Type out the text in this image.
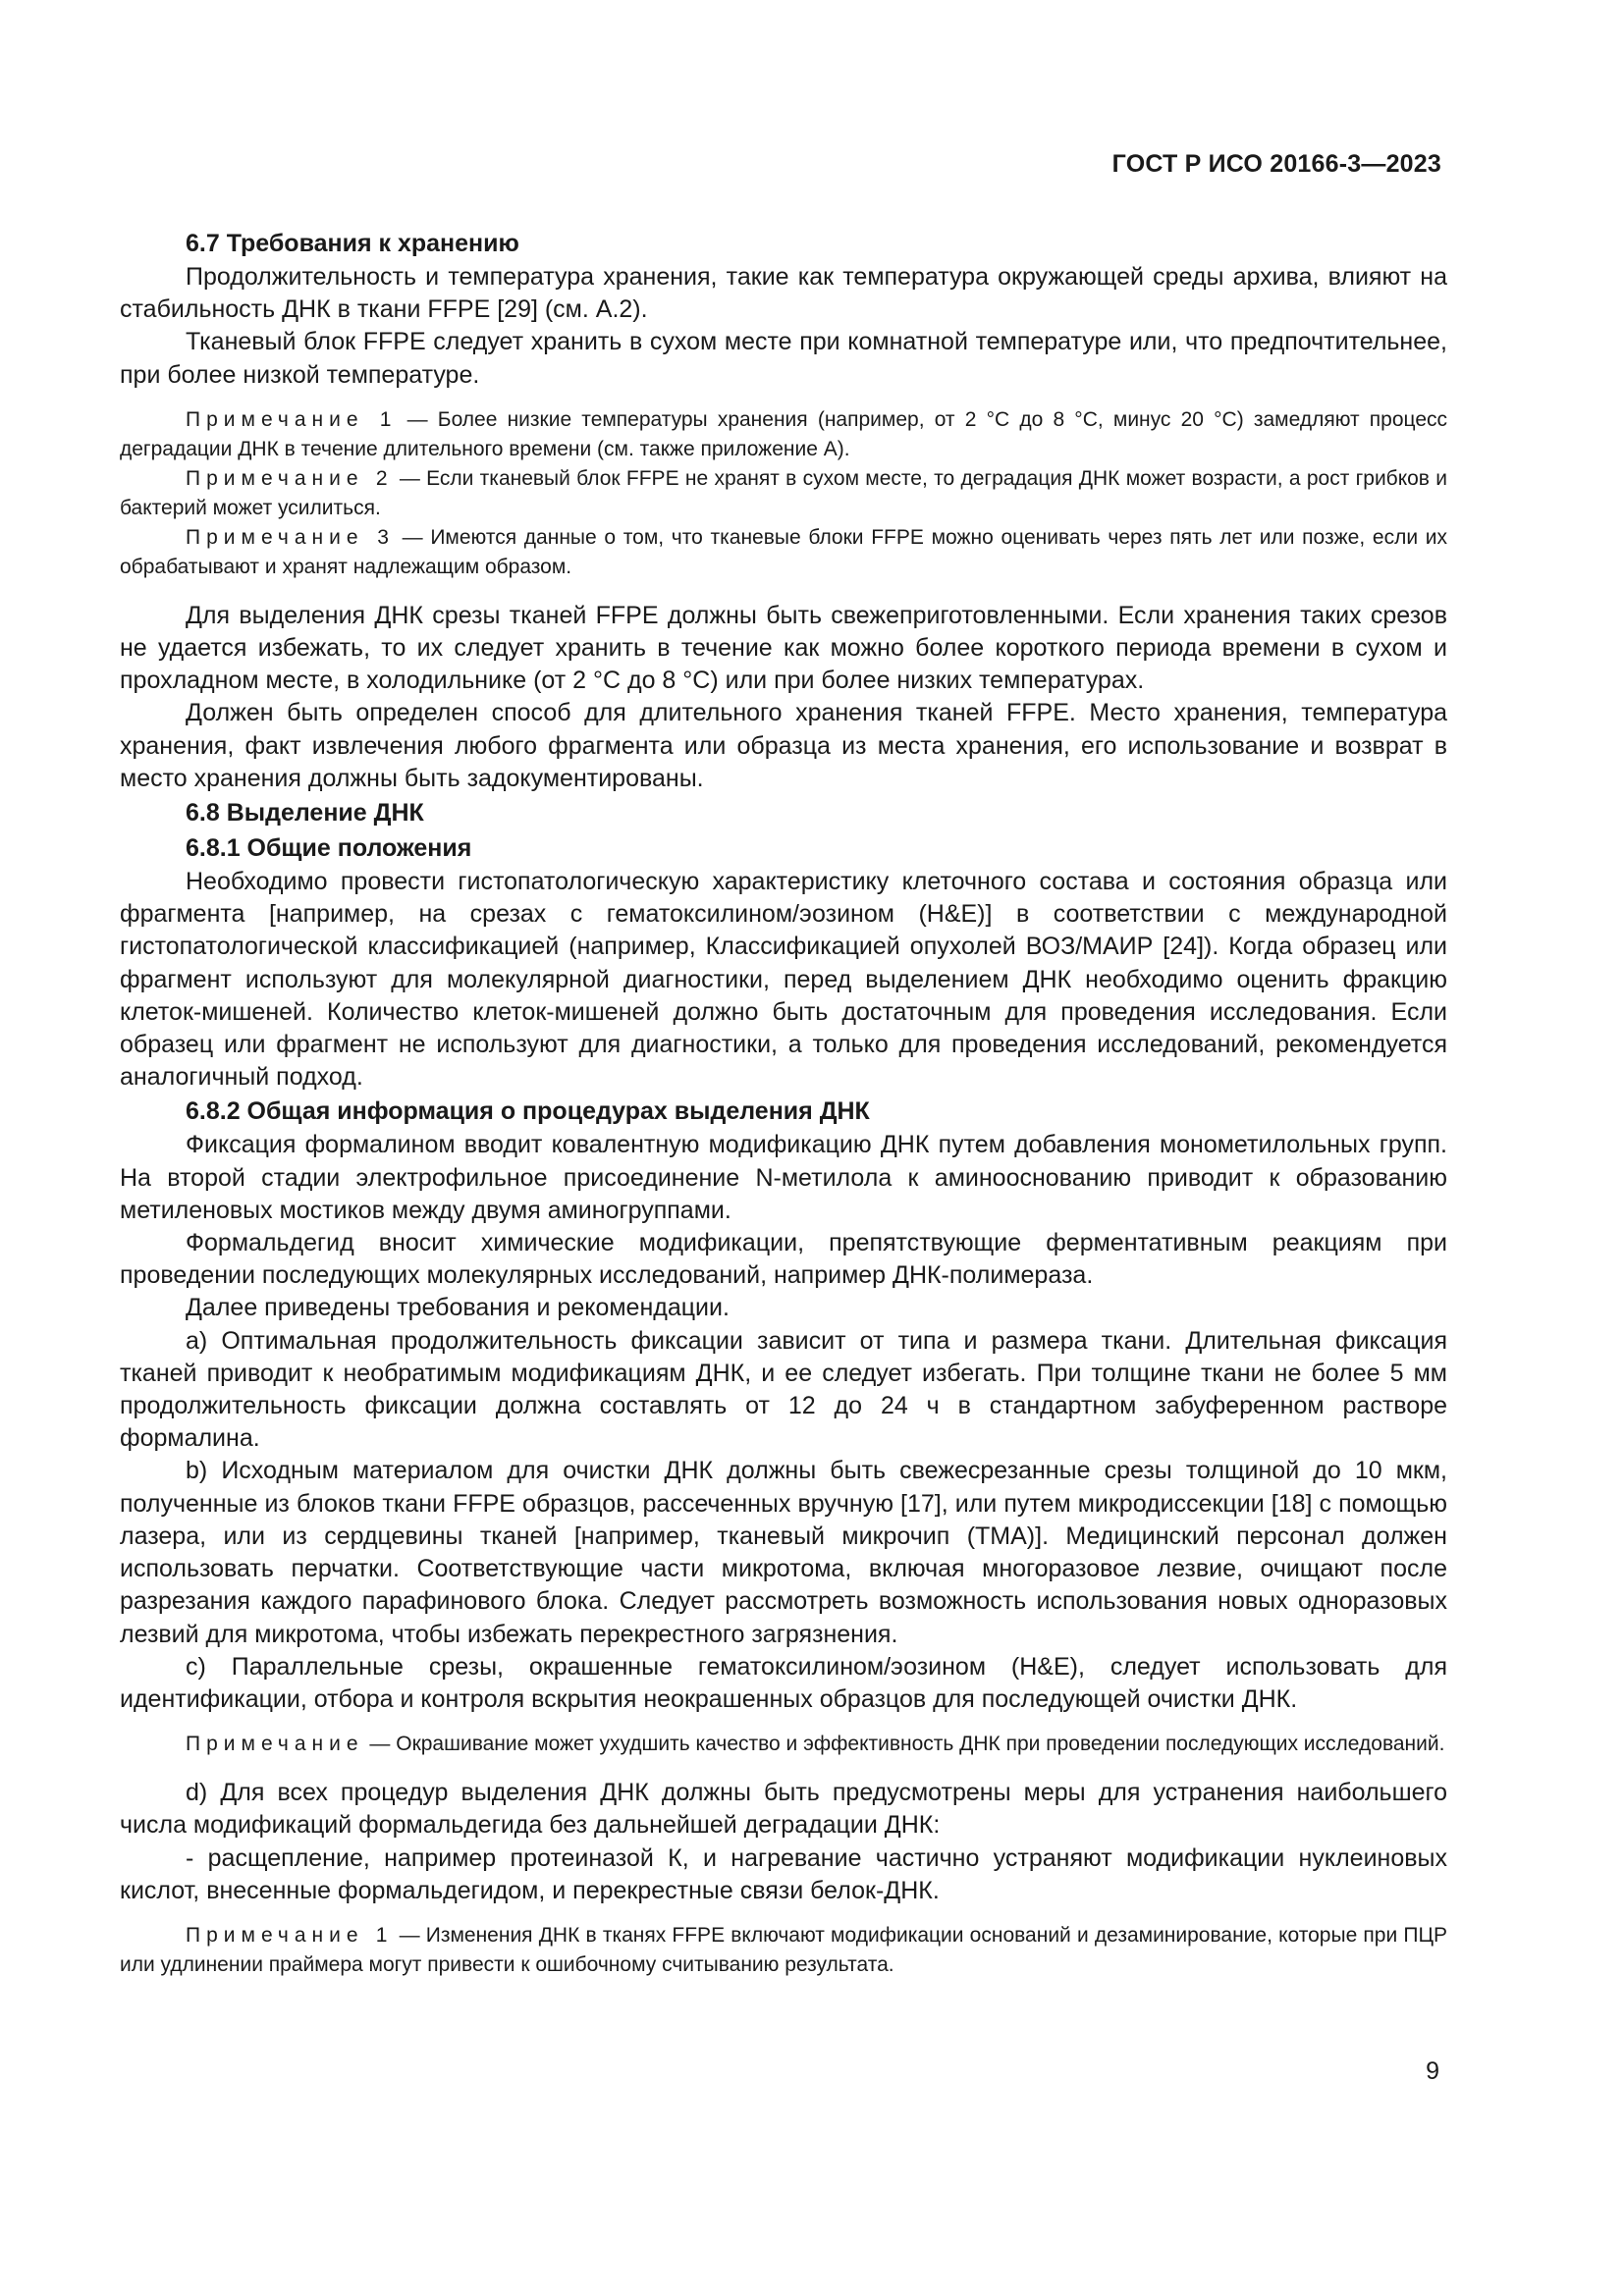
ГОСТ Р ИСО 20166-3—2023
6.7 Требования к хранению

Продолжительность и температура хранения, такие как температура окружающей среды архива, влияют на стабильность ДНК в ткани FFPE [29] (см. А.2).

Тканевый блок FFPE следует хранить в сухом месте при комнатной температуре или, что предпочтительнее, при более низкой температуре.

Примечание 1 — Более низкие температуры хранения (например, от 2 °С до 8 °С, минус 20 °С) замедляют процесс деградации ДНК в течение длительного времени (см. также приложение А).

Примечание 2 — Если тканевый блок FFPE не хранят в сухом месте, то деградация ДНК может возрасти, а рост грибков и бактерий может усилиться.

Примечание 3 — Имеются данные о том, что тканевые блоки FFPE можно оценивать через пять лет или позже, если их обрабатывают и хранят надлежащим образом.

Для выделения ДНК срезы тканей FFPE должны быть свежеприготовленными. Если хранения таких срезов не удается избежать, то их следует хранить в течение как можно более короткого периода времени в сухом и прохладном месте, в холодильнике (от 2 °С до 8 °С) или при более низких температурах.

Должен быть определен способ для длительного хранения тканей FFPE. Место хранения, температура хранения, факт извлечения любого фрагмента или образца из места хранения, его использование и возврат в место хранения должны быть задокументированы.

6.8 Выделение ДНК
6.8.1 Общие положения

Необходимо провести гистопатологическую характеристику клеточного состава и состояния образца или фрагмента [например, на срезах с гематоксилином/эозином (H&E)] в соответствии с международной гистопатологической классификацией (например, Классификацией опухолей ВОЗ/МАИР [24]). Когда образец или фрагмент используют для молекулярной диагностики, перед выделением ДНК необходимо оценить фракцию клеток-мишеней. Количество клеток-мишеней должно быть достаточным для проведения исследования. Если образец или фрагмент не используют для диагностики, а только для проведения исследований, рекомендуется аналогичный подход.

6.8.2 Общая информация о процедурах выделения ДНК

Фиксация формалином вводит ковалентную модификацию ДНК путем добавления монометилольных групп. На второй стадии электрофильное присоединение N-метилола к аминооснованию приводит к образованию метиленовых мостиков между двумя аминогруппами.

Формальдегид вносит химические модификации, препятствующие ферментативным реакциям при проведении последующих молекулярных исследований, например ДНК-полимераза.

Далее приведены требования и рекомендации.

а) Оптимальная продолжительность фиксации зависит от типа и размера ткани. Длительная фиксация тканей приводит к необратимым модификациям ДНК, и ее следует избегать. При толщине ткани не более 5 мм продолжительность фиксации должна составлять от 12 до 24 ч в стандартном забуференном растворе формалина.

b) Исходным материалом для очистки ДНК должны быть свежесрезанные срезы толщиной до 10 мкм, полученные из блоков ткани FFPE образцов, рассеченных вручную [17], или путем микродиссекции [18] с помощью лазера, или из сердцевины тканей [например, тканевый микрочип (ТМА)]. Медицинский персонал должен использовать перчатки. Соответствующие части микротома, включая многоразовое лезвие, очищают после разрезания каждого парафинового блока. Следует рассмотреть возможность использования новых одноразовых лезвий для микротома, чтобы избежать перекрестного загрязнения.

с) Параллельные срезы, окрашенные гематоксилином/эозином (H&E), следует использовать для идентификации, отбора и контроля вскрытия неокрашенных образцов для последующей очистки ДНК.

Примечание — Окрашивание может ухудшить качество и эффективность ДНК при проведении последующих исследований.

d) Для всех процедур выделения ДНК должны быть предусмотрены меры для устранения наибольшего числа модификаций формальдегида без дальнейшей деградации ДНК:

- расщепление, например протеиназой К, и нагревание частично устраняют модификации нуклеиновых кислот, внесенные формальдегидом, и перекрестные связи белок-ДНК.

Примечание 1 — Изменения ДНК в тканях FFPE включают модификации оснований и дезаминирование, которые при ПЦР или удлинении праймера могут привести к ошибочному считыванию результата.

9
